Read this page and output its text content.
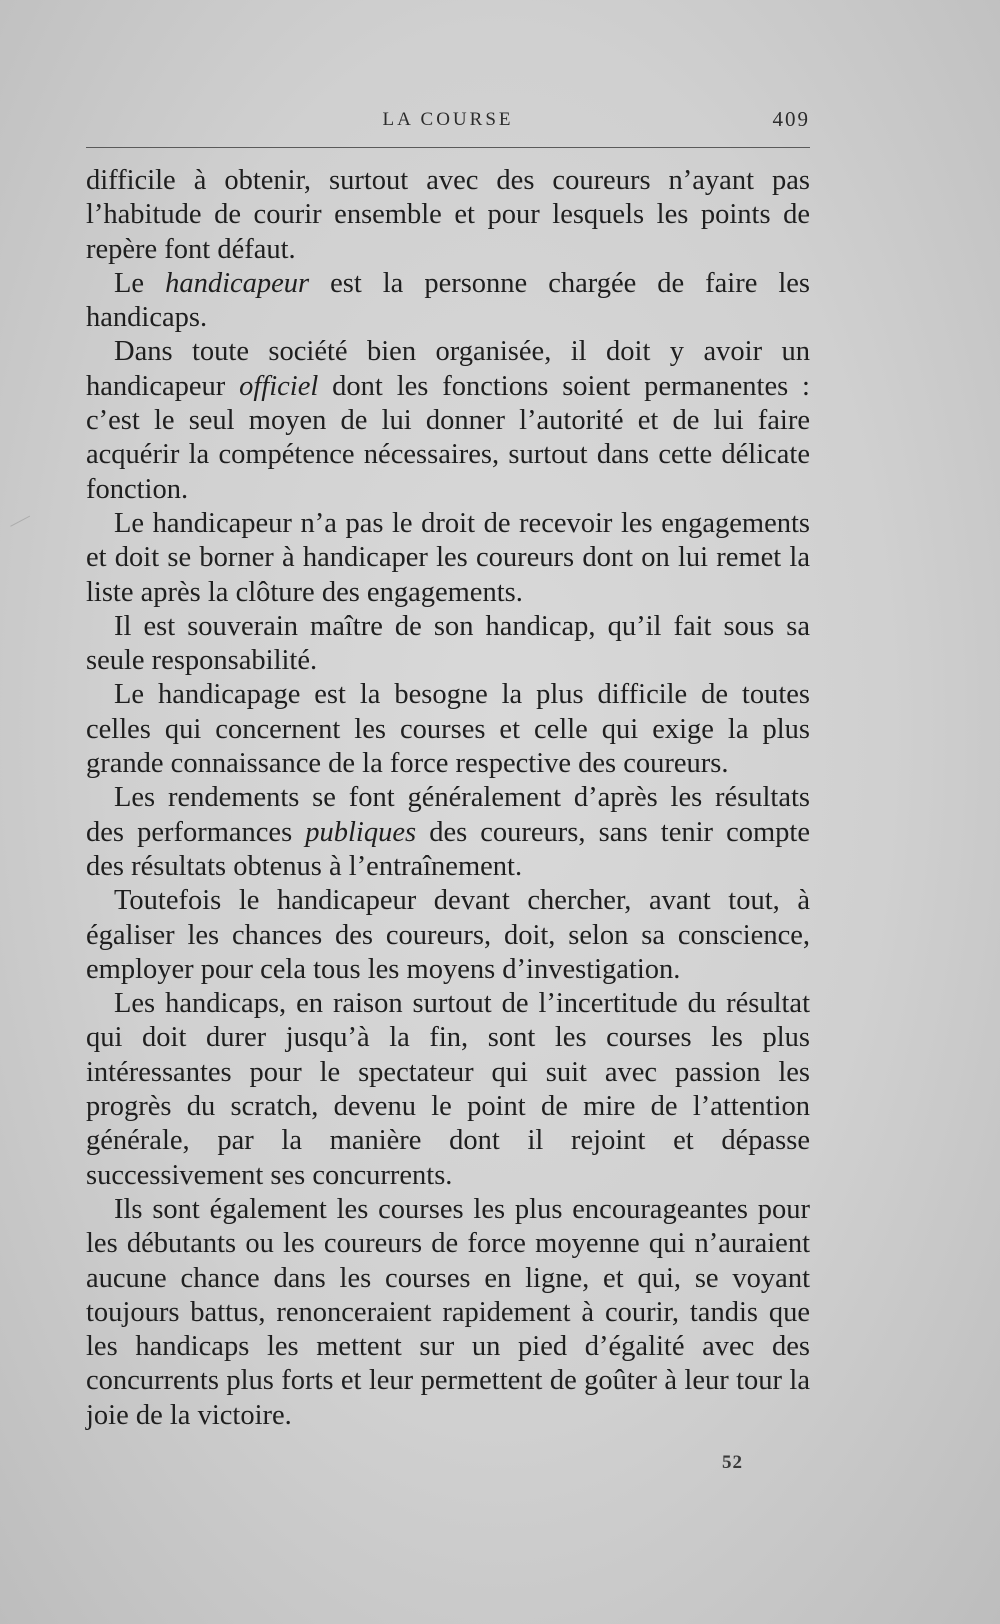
LA COURSE	409

difficile à obtenir, surtout avec des coureurs n’ayant pas l’habitude de courir ensemble et pour lesquels les points de repère font défaut.

Le handicapeur est la personne chargée de faire les handicaps.

Dans toute société bien organisée, il doit y avoir un handicapeur officiel dont les fonctions soient permanentes : c’est le seul moyen de lui donner l’autorité et de lui faire acquérir la compétence nécessaires, surtout dans cette délicate fonction.

Le handicapeur n’a pas le droit de recevoir les engagements et doit se borner à handicaper les coureurs dont on lui remet la liste après la clôture des engagements.

Il est souverain maître de son handicap, qu’il fait sous sa seule responsabilité.

Le handicapage est la besogne la plus difficile de toutes celles qui concernent les courses et celle qui exige la plus grande connaissance de la force respective des coureurs.

Les rendements se font généralement d’après les résultats des performances publiques des coureurs, sans tenir compte des résultats obtenus à l’entraînement.

Toutefois le handicapeur devant chercher, avant tout, à égaliser les chances des coureurs, doit, selon sa conscience, employer pour cela tous les moyens d’investigation.

Les handicaps, en raison surtout de l’incertitude du résultat qui doit durer jusqu’à la fin, sont les courses les plus intéressantes pour le spectateur qui suit avec passion les progrès du scratch, devenu le point de mire de l’attention générale, par la manière dont il rejoint et dépasse successivement ses concurrents.

Ils sont également les courses les plus encourageantes pour les débutants ou les coureurs de force moyenne qui n’auraient aucune chance dans les courses en ligne, et qui, se voyant toujours battus, renonceraient rapidement à courir, tandis que les handicaps les mettent sur un pied d’égalité avec des concurrents plus forts et leur permettent de goûter à leur tour la joie de la victoire.

52
